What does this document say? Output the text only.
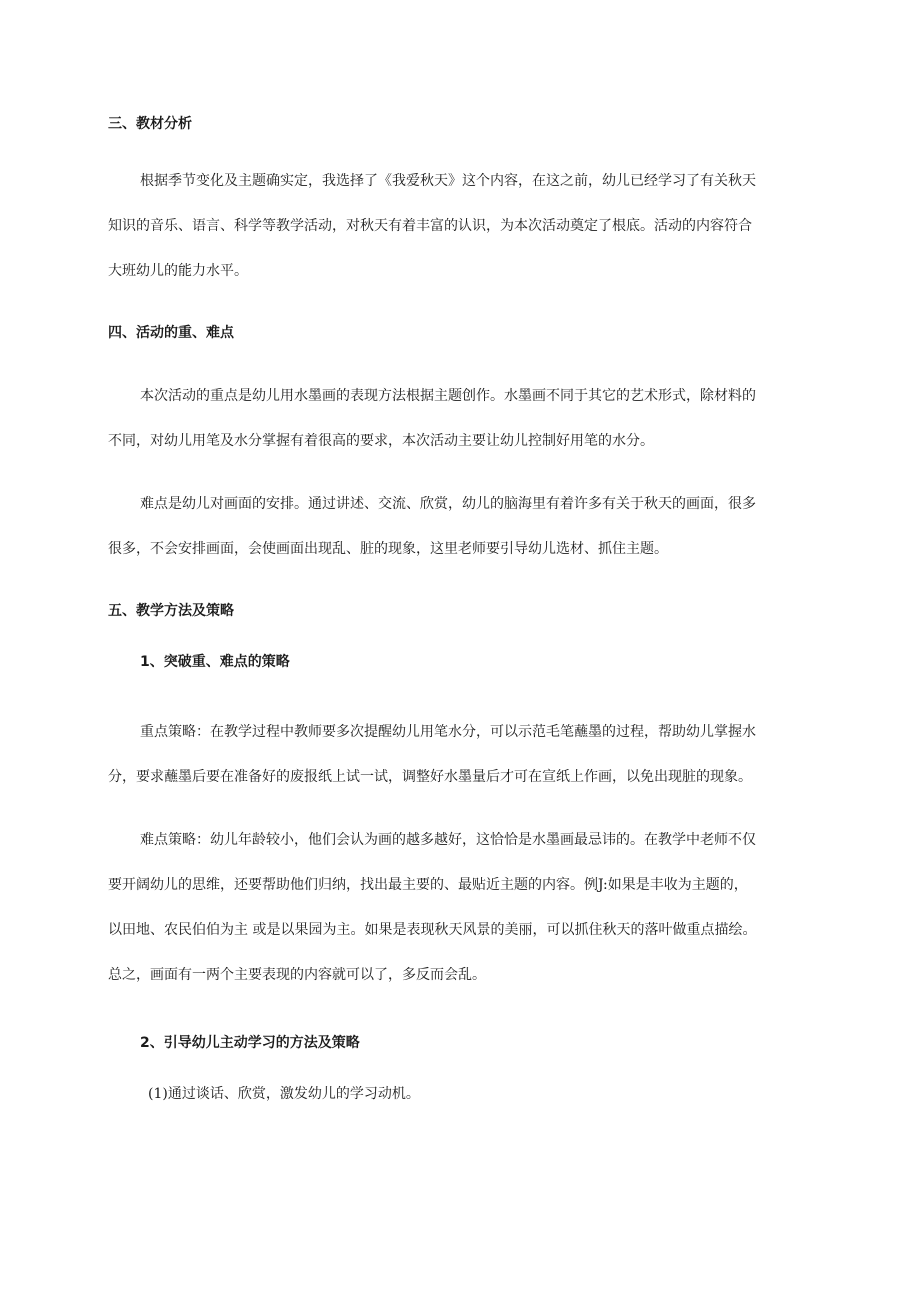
三、教材分析
根据季节变化及主题确实定，我选择了《我爱秋天》这个内容，在这之前，幼儿已经学习了有关秋天
知识的音乐、语言、科学等教学活动，对秋天有着丰富的认识，为本次活动奠定了根底。活动的内容符合
大班幼儿的能力水平。
四、活动的重、难点
本次活动的重点是幼儿用水墨画的表现方法根据主题创作。水墨画不同于其它的艺术形式，除材料的
不同，对幼儿用笔及水分掌握有着很高的要求，本次活动主要让幼儿控制好用笔的水分。
难点是幼儿对画面的安排。通过讲述、交流、欣赏，幼儿的脑海里有着许多有关于秋天的画面，很多
很多，不会安排画面，会使画面出现乱、脏的现象，这里老师要引导幼儿选材、抓住主题。
五、教学方法及策略
1、突破重、难点的策略
重点策略：在教学过程中教师要多次提醒幼儿用笔水分，可以示范毛笔蘸墨的过程，帮助幼儿掌握水
分，要求蘸墨后要在准备好的废报纸上试一试，调整好水墨量后才可在宣纸上作画，以免出现脏的现象。
难点策略：幼儿年龄较小，他们会认为画的越多越好，这恰恰是水墨画最忌讳的。在教学中老师不仅
要开阔幼儿的思维，还要帮助他们归纳，找出最主要的、最贴近主题的内容。例J:如果是丰收为主题的，
以田地、农民伯伯为主 或是以果园为主。如果是表现秋天风景的美丽，可以抓住秋天的落叶做重点描绘。
总之，画面有一两个主要表现的内容就可以了，多反而会乱。
2、引导幼儿主动学习的方法及策略
(1)通过谈话、欣赏，激发幼儿的学习动机。
